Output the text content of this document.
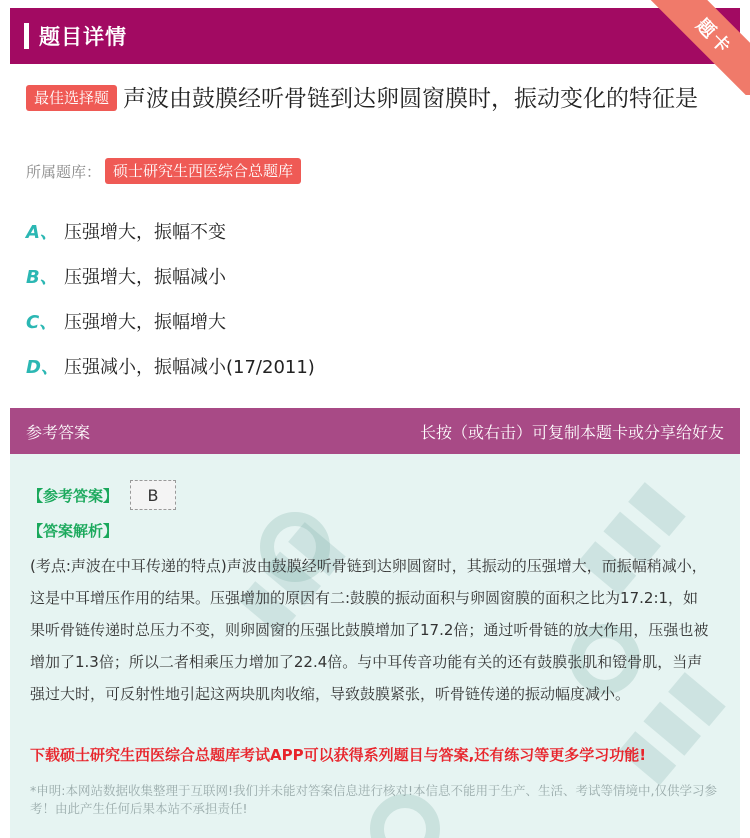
题目详情	题卡
最佳选择题 声波由鼓膜经听骨链到达卵圆窗膜时，振动变化的特征是
所属题库： 硕士研究生西医综合总题库
A、 压强增大，振幅不变
B、 压强增大，振幅减小
C、 压强增大，振幅增大
D、 压强减小，振幅减小(17/2011)
参考答案	长按（或右击）可复制本题卡或分享给好友
▮▮▮	▮▮▮
▮▮▮
【参考答案】	B
【答案解析】
(考点:声波在中耳传递的特点)声波由鼓膜经听骨链到达卵圆窗时，其振动的压强增大，而振幅稍减小，这是中耳增压作用的结果。压强增加的原因有二:鼓膜的振动面积与卵圆窗膜的面积之比为17.2:1，如果听骨链传递时总压力不变，则卵圆窗的压强比鼓膜增加了17.2倍；通过听骨链的放大作用，压强也被增加了1.3倍；所以二者相乘压力增加了22.4倍。与中耳传音功能有关的还有鼓膜张肌和镫骨肌，当声强过大时，可反射性地引起这两块肌肉收缩，导致鼓膜紧张，听骨链传递的振动幅度减小。
下载硕士研究生西医综合总题库考试APP可以获得系列题目与答案,还有练习等更多学习功能!
*申明:本网站数据收集整理于互联网!我们并未能对答案信息进行核对!本信息不能用于生产、生活、考试等情境中,仅供学习参考！由此产生任何后果本站不承担责任!
